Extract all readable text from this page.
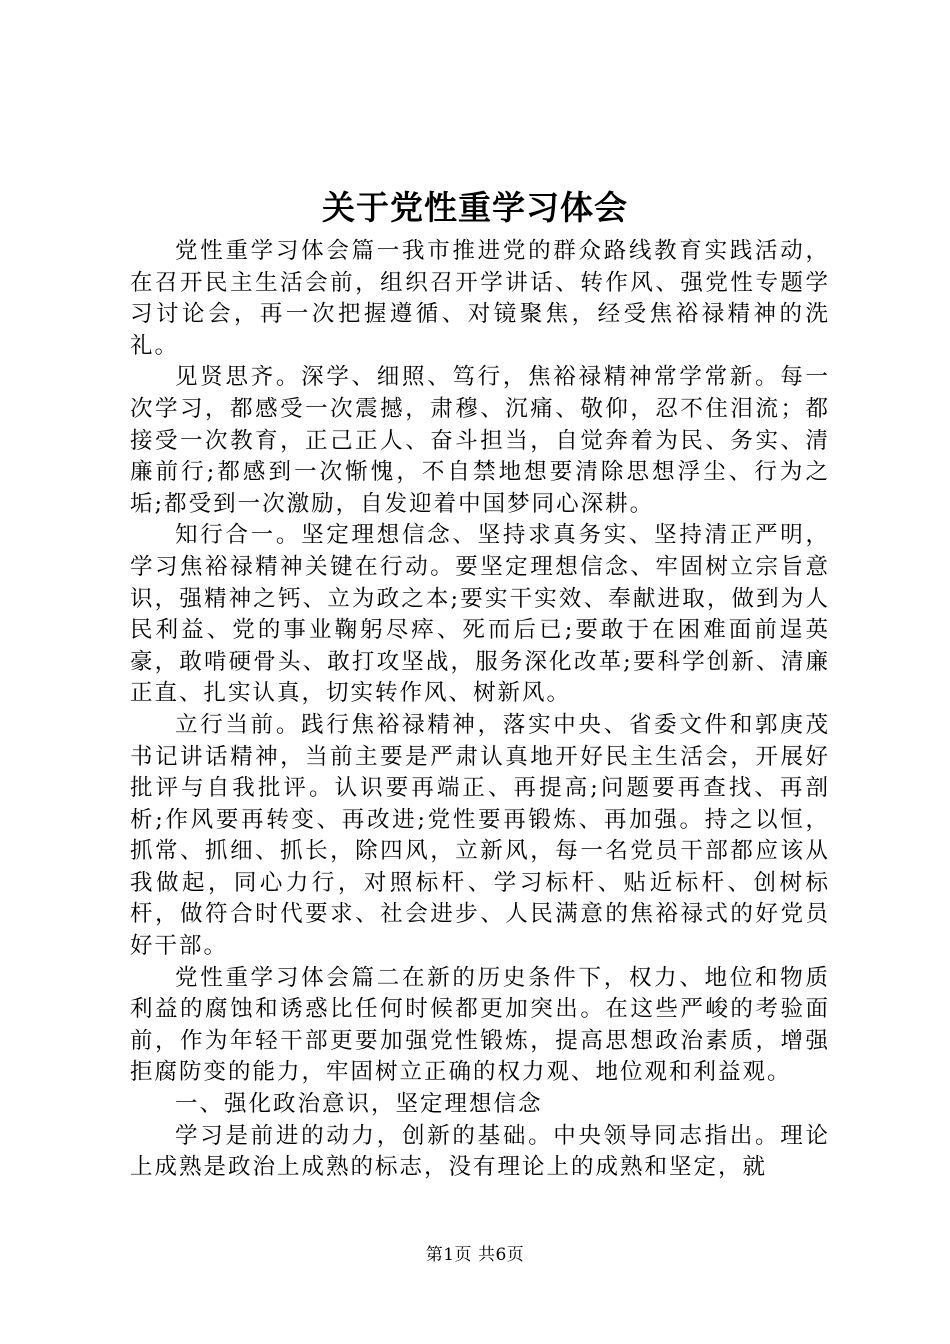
关于党性重学习体会

党性重学习体会篇一我市推进党的群众路线教育实践活动，在召开民主生活会前，组织召开学讲话、转作风、强党性专题学习讨论会，再一次把握遵循、对镜聚焦，经受焦裕禄精神的洗礼。

见贤思齐。深学、细照、笃行，焦裕禄精神常学常新。每一次学习，都感受一次震撼，肃穆、沉痛、敬仰，忍不住泪流；都接受一次教育，正己正人、奋斗担当，自觉奔着为民、务实、清廉前行;都感到一次惭愧，不自禁地想要清除思想浮尘、行为之垢;都受到一次激励，自发迎着中国梦同心深耕。

知行合一。坚定理想信念、坚持求真务实、坚持清正严明，学习焦裕禄精神关键在行动。要坚定理想信念、牢固树立宗旨意识，强精神之钙、立为政之本;要实干实效、奉献进取，做到为人民利益、党的事业鞠躬尽瘁、死而后已;要敢于在困难面前逞英豪，敢啃硬骨头、敢打攻坚战，服务深化改革;要科学创新、清廉正直、扎实认真，切实转作风、树新风。

立行当前。践行焦裕禄精神，落实中央、省委文件和郭庚茂书记讲话精神，当前主要是严肃认真地开好民主生活会，开展好批评与自我批评。认识要再端正、再提高;问题要再查找、再剖析;作风要再转变、再改进;党性要再锻炼、再加强。持之以恒，抓常、抓细、抓长，除四风，立新风，每一名党员干部都应该从我做起，同心力行，对照标杆、学习标杆、贴近标杆、创树标杆，做符合时代要求、社会进步、人民满意的焦裕禄式的好党员好干部。

党性重学习体会篇二在新的历史条件下，权力、地位和物质利益的腐蚀和诱惑比任何时候都更加突出。在这些严峻的考验面前，作为年轻干部更要加强党性锻炼，提高思想政治素质，增强拒腐防变的能力，牢固树立正确的权力观、地位观和利益观。

一、强化政治意识，坚定理想信念

学习是前进的动力，创新的基础。中央领导同志指出。理论上成熟是政治上成熟的标志，没有理论上的成熟和坚定，就

第1页 共6页
